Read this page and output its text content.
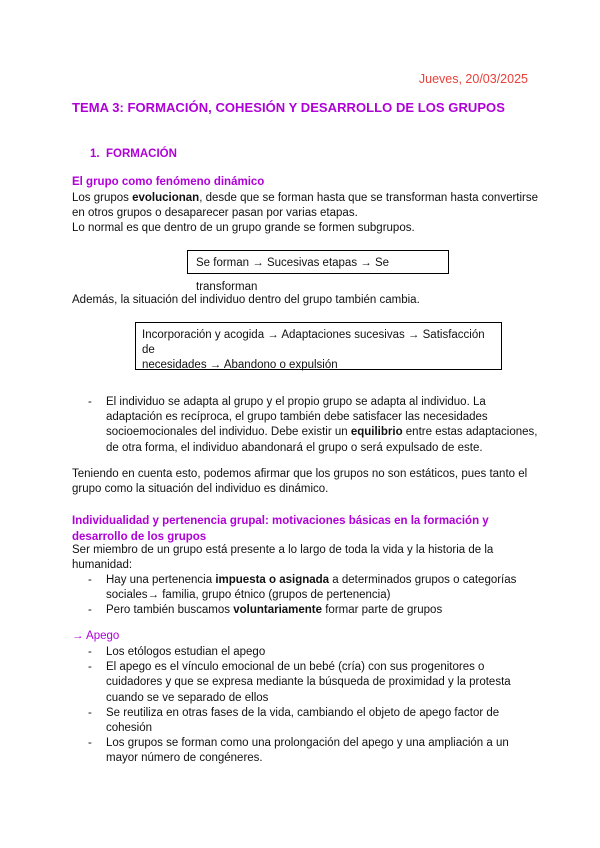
Jueves, 20/03/2025
TEMA 3: FORMACIÓN, COHESIÓN Y DESARROLLO DE LOS GRUPOS
1. FORMACIÓN
El grupo como fenómeno dinámico
Los grupos evolucionan, desde que se forman hasta que se transforman hasta convertirse
en otros grupos o desaparecer pasan por varias etapas.
Lo normal es que dentro de un grupo grande se formen subgrupos.
Se forman → Sucesivas etapas → Se transforman
Además, la situación del individuo dentro del grupo también cambia.
Incorporación y acogida → Adaptaciones sucesivas → Satisfacción de
necesidades → Abandono o expulsión
- El individuo se adapta al grupo y el propio grupo se adapta al individuo. La
adaptación es recíproca, el grupo también debe satisfacer las necesidades
socioemocionales del individuo. Debe existir un equilibrio entre estas adaptaciones,
de otra forma, el individuo abandonará el grupo o será expulsado de este.
Teniendo en cuenta esto, podemos afirmar que los grupos no son estáticos, pues tanto el
grupo como la situación del individuo es dinámico.
Individualidad y pertenencia grupal: motivaciones básicas en la formación y
desarrollo de los grupos
Ser miembro de un grupo está presente a lo largo de toda la vida y la historia de la
humanidad:
- Hay una pertenencia impuesta o asignada a determinados grupos o categorías
sociales→ familia, grupo étnico (grupos de pertenencia)
- Pero también buscamos voluntariamente formar parte de grupos
→ Apego
- Los etólogos estudian el apego
- El apego es el vínculo emocional de un bebé (cría) con sus progenitores o
cuidadores y que se expresa mediante la búsqueda de proximidad y la protesta
cuando se ve separado de ellos
- Se reutiliza en otras fases de la vida, cambiando el objeto de apego factor de
cohesión
- Los grupos se forman como una prolongación del apego y una ampliación a un
mayor número de congéneres.
